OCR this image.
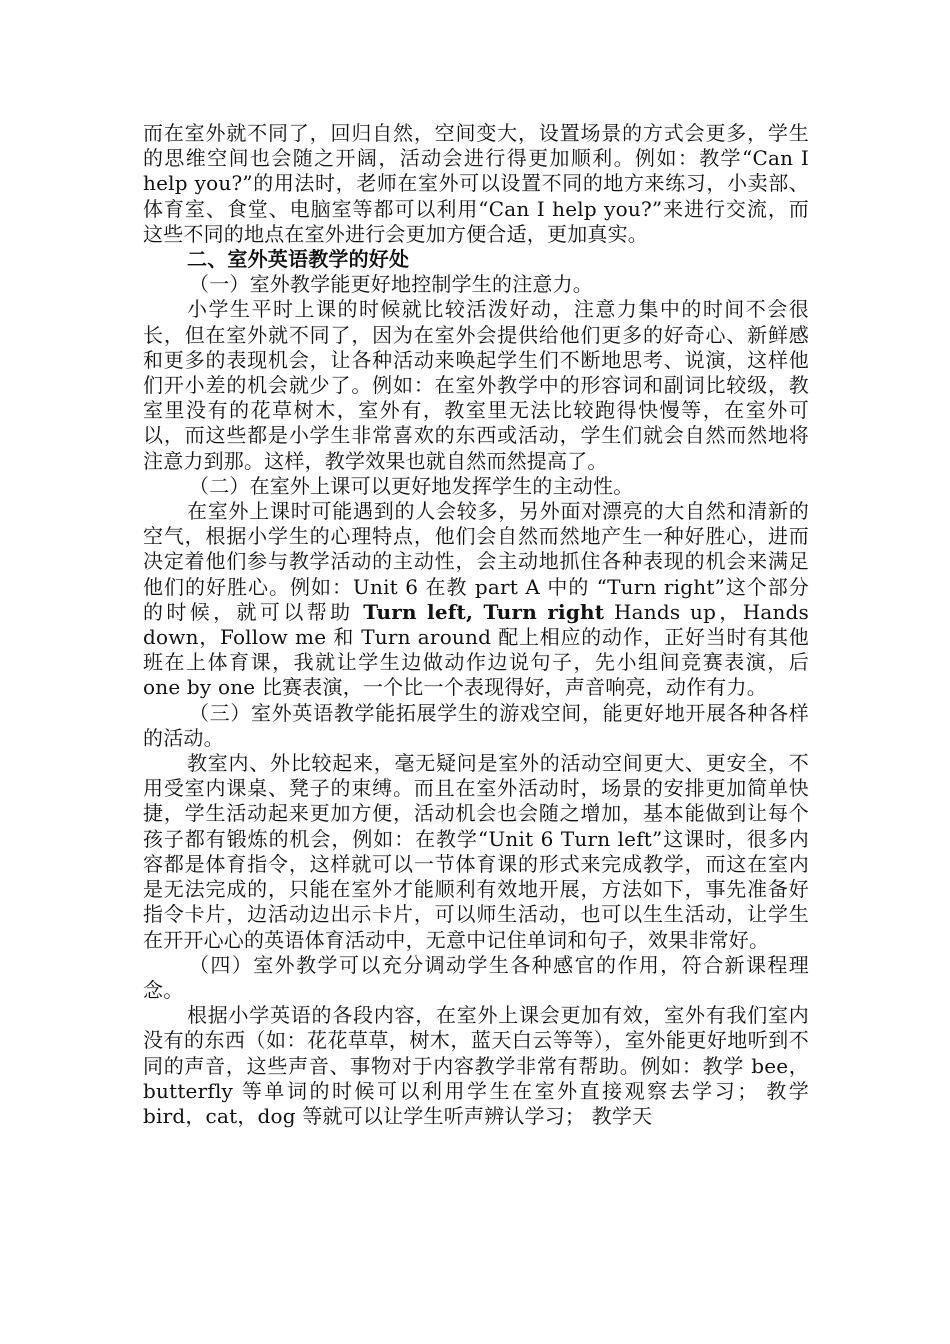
而在室外就不同了，回归自然，空间变大，设置场景的方式会更多，学生的思维空间也会随之开阔，活动会进行得更加顺利。例如：教学“Can I help you?”的用法时，老师在室外可以设置不同的地方来练习，小卖部、体育室、食堂、电脑室等都可以利用“Can I help you?”来进行交流，而这些不同的地点在室外进行会更加方便合适，更加真实。

二、室外英语教学的好处

（一）室外教学能更好地控制学生的注意力。

小学生平时上课的时候就比较活泼好动，注意力集中的时间不会很长，但在室外就不同了，因为在室外会提供给他们更多的好奇心、新鲜感和更多的表现机会，让各种活动来唤起学生们不断地思考、说演，这样他们开小差的机会就少了。例如：在室外教学中的形容词和副词比较级，教室里没有的花草树木，室外有，教室里无法比较跑得快慢等，在室外可以，而这些都是小学生非常喜欢的东西或活动，学生们就会自然而然地将注意力到那。这样，教学效果也就自然而然提高了。

（二）在室外上课可以更好地发挥学生的主动性。

在室外上课时可能遇到的人会较多，另外面对漂亮的大自然和清新的空气，根据小学生的心理特点，他们会自然而然地产生一种好胜心，进而决定着他们参与教学活动的主动性，会主动地抓住各种表现的机会来满足他们的好胜心。例如：Unit 6 在教 part A 中的 “Turn right”这个部分的时候，就可以帮助 Turn left, Turn right Hands up，Hands down，Follow me 和 Turn around 配上相应的动作，正好当时有其他班在上体育课，我就让学生边做动作边说句子，先小组间竞赛表演，后 one by one 比赛表演，一个比一个表现得好，声音响亮，动作有力。

（三）室外英语教学能拓展学生的游戏空间，能更好地开展各种各样的活动。

教室内、外比较起来，毫无疑问是室外的活动空间更大、更安全，不用受室内课桌、凳子的束缚。而且在室外活动时，场景的安排更加简单快捷，学生活动起来更加方便，活动机会也会随之增加，基本能做到让每个孩子都有锻炼的机会，例如：在教学“Unit 6 Turn left”这课时，很多内容都是体育指令，这样就可以一节体育课的形式来完成教学，而这在室内是无法完成的，只能在室外才能顺利有效地开展，方法如下，事先准备好指令卡片，边活动边出示卡片，可以师生活动，也可以生生活动，让学生在开开心心的英语体育活动中，无意中记住单词和句子，效果非常好。

（四）室外教学可以充分调动学生各种感官的作用，符合新课程理念。

根据小学英语的各段内容，在室外上课会更加有效，室外有我们室内没有的东西（如：花花草草，树木，蓝天白云等等），室外能更好地听到不同的声音，这些声音、事物对于内容教学非常有帮助。例如：教学 bee，butterfly 等单词的时候可以利用学生在室外直接观察去学习； 教学 bird，cat，dog 等就可以让学生听声辨认学习； 教学天
